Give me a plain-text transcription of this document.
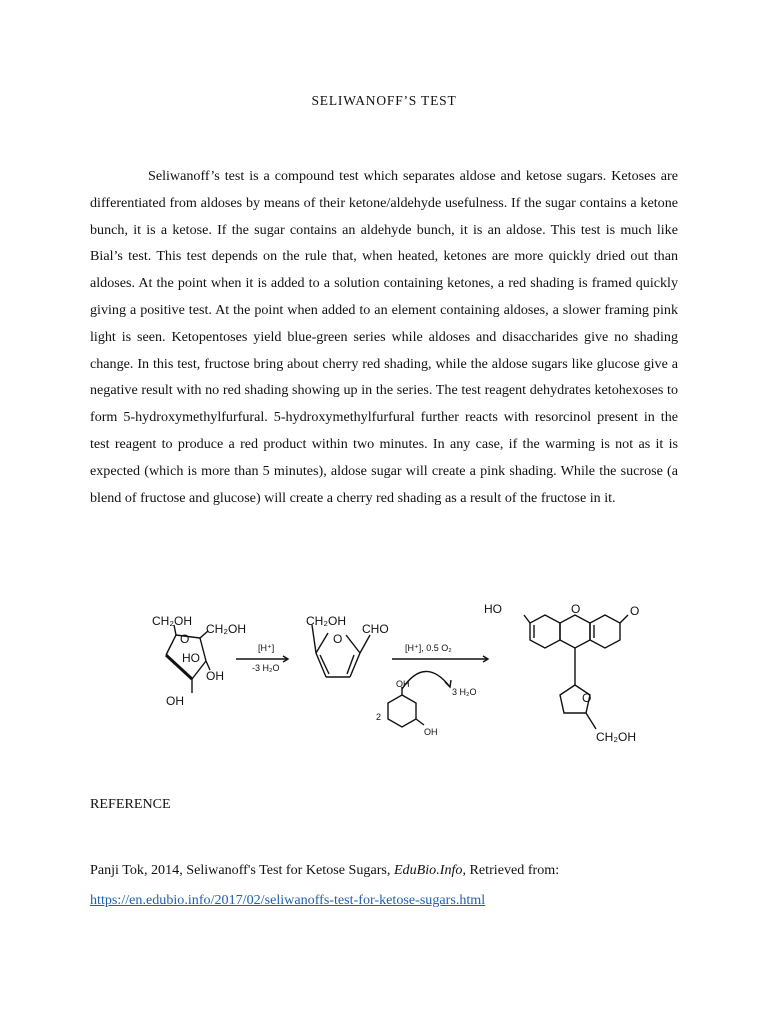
SELIWANOFF’S TEST

Seliwanoff’s test is a compound test which separates aldose and ketose sugars. Ketoses are differentiated from aldoses by means of their ketone/aldehyde usefulness. If the sugar contains a ketone bunch, it is a ketose. If the sugar contains an aldehyde bunch, it is an aldose. This test is much like Bial’s test. This test depends on the rule that, when heated, ketones are more quickly dried out than aldoses. At the point when it is added to a solution containing ketones, a red shading is framed quickly giving a positive test. At the point when added to an element containing aldoses, a slower framing pink light is seen. Ketopentoses yield blue-green series while aldoses and disaccharides give no shading change. In this test, fructose bring about cherry red shading, while the aldose sugars like glucose give a negative result with no red shading showing up in the series. The test reagent dehydrates ketohexoses to form 5-hydroxymethylfurfural. 5-hydroxymethylfurfural further reacts with resorcinol present in the test reagent to produce a red product within two minutes. In any case, if the warming is not as it is expected (which is more than 5 minutes), aldose sugar will create a pink shading. While the sucrose (a blend of fructose and glucose) will create a cherry red shading as a result of the fructose in it.

CH₂OH
O
CH₂OH
HO
OH
OH
[H⁺]
-3 H₂O
CH₂OH
O
CHO
[H⁺], 0.5 O₂
2
OH
OH
3 H₂O
HO	O	O
O
CH₂OH
REFERENCE
Panji Tok, 2014, Seliwanoff's Test for Ketose Sugars, EduBio.Info, Retrieved from:
https://en.edubio.info/2017/02/seliwanoffs-test-for-ketose-sugars.html
